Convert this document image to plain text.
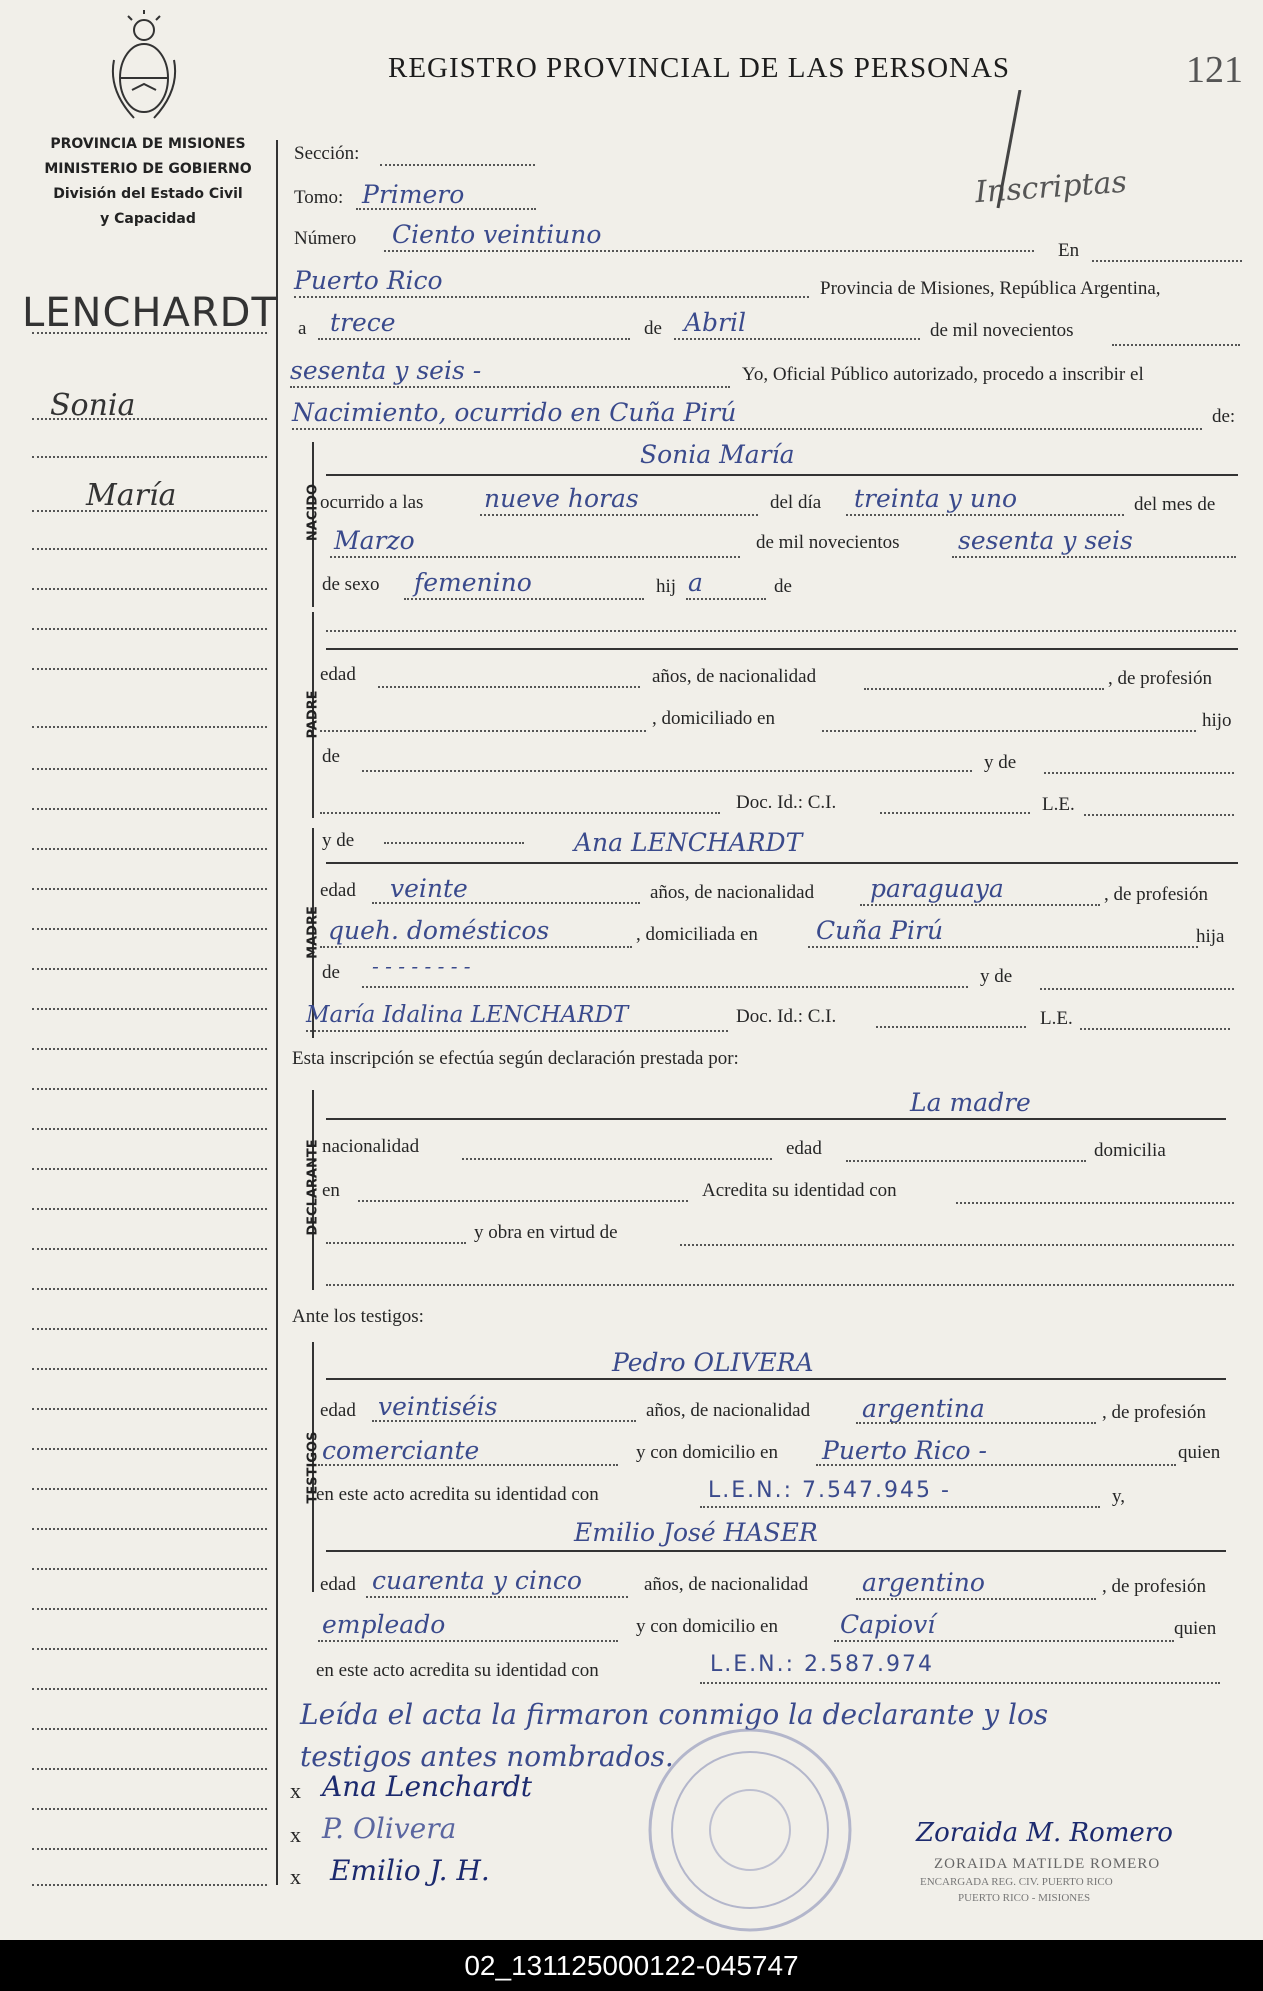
REGISTRO PROVINCIAL DE LAS PERSONAS	121
PROVINCIA DE MISIONES
MINISTERIO DE GOBIERNO
División del Estado Civil
y Capacidad
Inscriptas
LENCHARDT
Sonia
María
Sección:
Tomo: Primero
Número Ciento veintiuno
En
Puerto Rico	Provincia de Misiones, República Argentina,
a trece	de Abril	de mil novecientos
sesenta y seis -	Yo, Oficial Público autorizado, procedo a inscribir el
Nacimiento, ocurrido en Cuña Pirú	de:
NACIDO
Sonia María
ocurrido a las nueve horas	del día treinta y uno	del mes de
Marzo	de mil novecientos sesenta y seis
de sexo femenino	hij a	de
PADRE
edad	años, de nacionalidad	, de profesión
, domiciliado en	hijo
de	y de
Doc. Id.: C.I.	L.E.
MADRE
y de	Ana LENCHARDT
edad veinte	años, de nacionalidad paraguaya	, de profesión
queh. domésticos	, domiciliada en Cuña Pirú	hija
de - - - - - - - -	y de
María Idalina LENCHARDT	Doc. Id.: C.I.	L.E.
Esta inscripción se efectúa según declaración prestada por:
DECLARANTE
La madre
nacionalidad	edad	domicilia
en	Acredita su identidad con
y obra en virtud de
Ante los testigos:
TESTIGOS
Pedro OLIVERA
edad veintiséis	años, de nacionalidad argentina	, de profesión
comerciante	y con domicilio en Puerto Rico -	quien
en este acto acredita su identidad con	L.E.N.: 7.547.945 -	y,
Emilio José HASER
edad cuarenta y cinco	años, de nacionalidad argentino	, de profesión
empleado	y con domicilio en Capioví	quien
en este acto acredita su identidad con	L.E.N.: 2.587.974
Leída el acta la firmaron conmigo la declarante y los
testigos antes nombrados.
x Ana Lenchardt
x P. Olivera
x Emilio J. H.
Zoraida M. Romero
ZORAIDA MATILDE ROMERO
ENCARGADA REG. CIV. PUERTO RICO
PUERTO RICO - MISIONES
02_131125000122-045747
